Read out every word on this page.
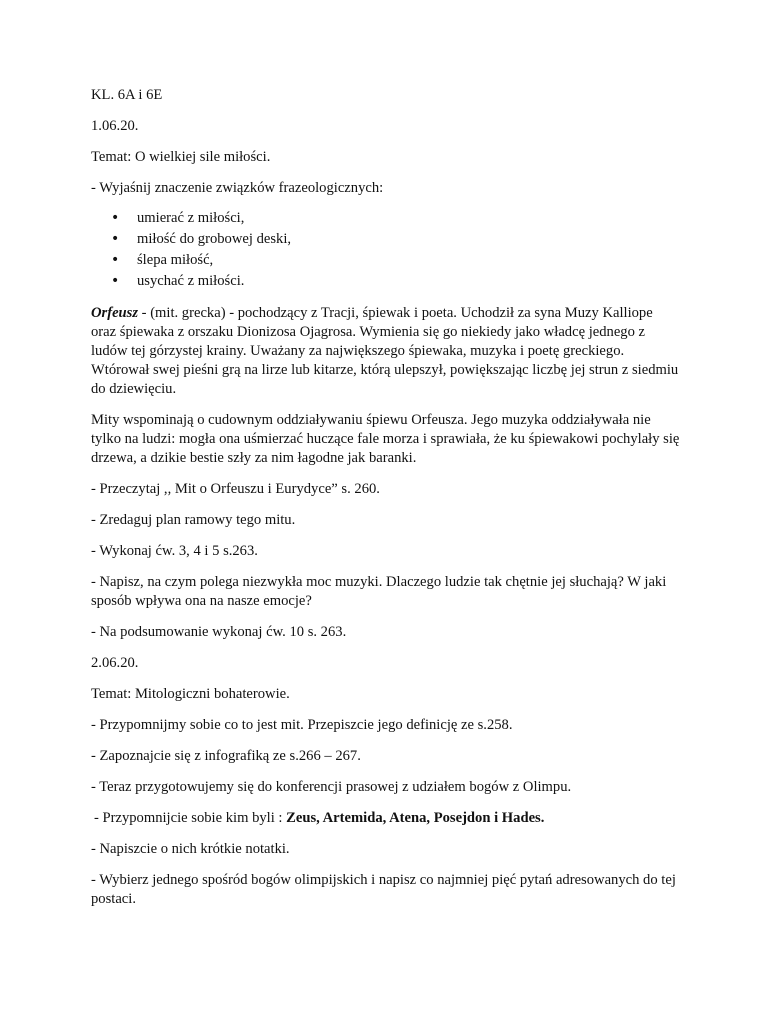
KL. 6A i 6E

1.06.20.

Temat: O wielkiej sile miłości.

- Wyjaśnij znaczenie związków frazeologicznych:

• umierać z miłości,
• miłość do grobowej deski,
• ślepa miłość,
• usychać z miłości.

Orfeusz - (mit. grecka) - pochodzący z Tracji, śpiewak i poeta. Uchodził za syna Muzy Kalliope oraz śpiewaka z orszaku Dionizosa Ojagrosa. Wymienia się go niekiedy jako władcę jednego z ludów tej górzystej krainy. Uważany za największego śpiewaka, muzyka i poetę greckiego. Wtórował swej pieśni grą na lirze lub kitarze, którą ulepszył, powiększając liczbę jej strun z siedmiu do dziewięciu.

Mity wspominają o cudownym oddziaływaniu śpiewu Orfeusza. Jego muzyka oddziaływała nie tylko na ludzi: mogła ona uśmierzać huczące fale morza i sprawiała, że ku śpiewakowi pochylały się drzewa, a dzikie bestie szły za nim łagodne jak baranki.

- Przeczytaj ,, Mit o Orfeuszu i Eurydyce” s. 260.

- Zredaguj plan ramowy tego mitu.

- Wykonaj ćw. 3, 4 i 5 s.263.

- Napisz, na czym polega niezwykła moc muzyki. Dlaczego ludzie tak chętnie jej słuchają? W jaki sposób wpływa ona na nasze emocje?

- Na podsumowanie wykonaj ćw. 10 s. 263.

2.06.20.

Temat: Mitologiczni bohaterowie.

- Przypomnijmy sobie co to jest mit. Przepiszcie jego definicję ze s.258.

- Zapoznajcie się z infografiką ze s.266 – 267.

- Teraz przygotowujemy się do konferencji prasowej z udziałem bogów z Olimpu.

- Przypomnijcie sobie kim byli : Zeus, Artemida, Atena, Posejdon i Hades.

- Napiszcie o nich krótkie notatki.

- Wybierz jednego spośród bogów olimpijskich i napisz co najmniej pięć pytań adresowanych do tej postaci.
